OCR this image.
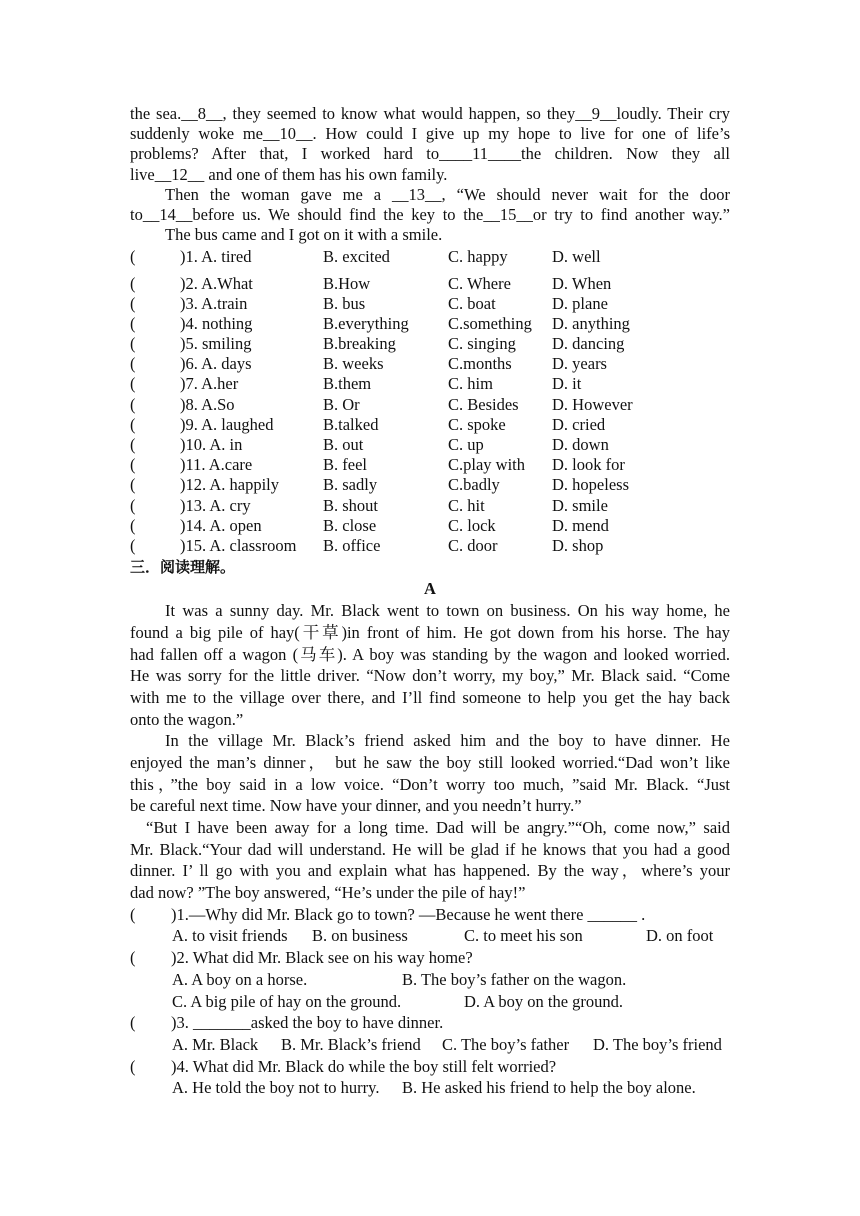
the sea.__8__, they seemed to know what would happen, so they__9__loudly. Their cry
suddenly woke me__10__. How could I give up my hope to live for one of life’s
problems? After that, I worked hard to____11____the children. Now they all
live__12__ and one of them has his own family.
Then the woman gave me a __13__, “We should never wait for the door
to__14__before us. We should find the key to the__15__or try to find another way.”
The bus came and I got on it with a smile.
(	)1. A. tired	B. excited	C. happy	D. well
(	)2. A.What	B.How	C. Where D. When
(	)3. A.train	B. bus	C. boat	D. plane
(	)4. nothing	B.everything C.something D. anything
(	)5. smiling	B.breaking	C. singing D. dancing
(	)6. A. days	B. weeks	C.months D. years
(	)7. A.her	B.them	C. him	D. it
(	)8. A.So	B. Or	C. Besides D. However
(	)9. A. laughed	B.talked	C. spoke	D. cried
(	)10. A. in	B. out	C. up	D. down
(	)11. A.care	B. feel	C.play with D. look for
(	)12. A. happily	B. sadly	C.badly	D. hopeless
(	)13. A. cry	B. shout	C. hit	D. smile
(	)14. A. open	B. close	C. lock	D. mend
(	)15. A. classroom B. office	C. door	D. shop
三．阅读理解。
A
It was a sunny day. Mr. Black went to town on business. On his way home, he
found a big pile of hay(干草)in front of him. He got down from his horse. The hay
had fallen off a wagon (马车). A boy was standing by the wagon and looked worried.
He was sorry for the little driver. “Now don’t worry, my boy,” Mr. Black said. “Come
with me to the village over there, and I’ll find someone to help you get the hay back
onto the wagon.”
In the village Mr. Black’s friend asked him and the boy to have dinner. He
enjoyed the man’s dinner， but he saw the boy still looked worried.“Dad won’t like
this，”the boy said in a low voice. “Don’t worry too much, ”said Mr. Black. “Just
be careful next time. Now have your dinner, and you needn’t hurry.”
“But I have been away for a long time. Dad will be angry.”“Oh, come now,” said
Mr. Black.“Your dad will understand. He will be glad if he knows that you had a good
dinner. I’ ll go with you and explain what has happened. By the way，where’s your
dad now? ”The boy answered, “He’s under the pile of hay!”
( )1.—Why did Mr. Black go to town? —Because he went there ______ .
A. to visit friends B. on business	C. to meet his son	D. on foot
( )2. What did Mr. Black see on his way home?
A. A boy on a horse.	B. The boy’s father on the wagon.
C. A big pile of hay on the ground.	D. A boy on the ground.
( )3. _______asked the boy to have dinner.
A. Mr. Black B. Mr. Black’s friend C. The boy’s father D. The boy’s friend
( )4. What did Mr. Black do while the boy still felt worried?
A. He told the boy not to hurry. B. He asked his friend to help the boy alone.
